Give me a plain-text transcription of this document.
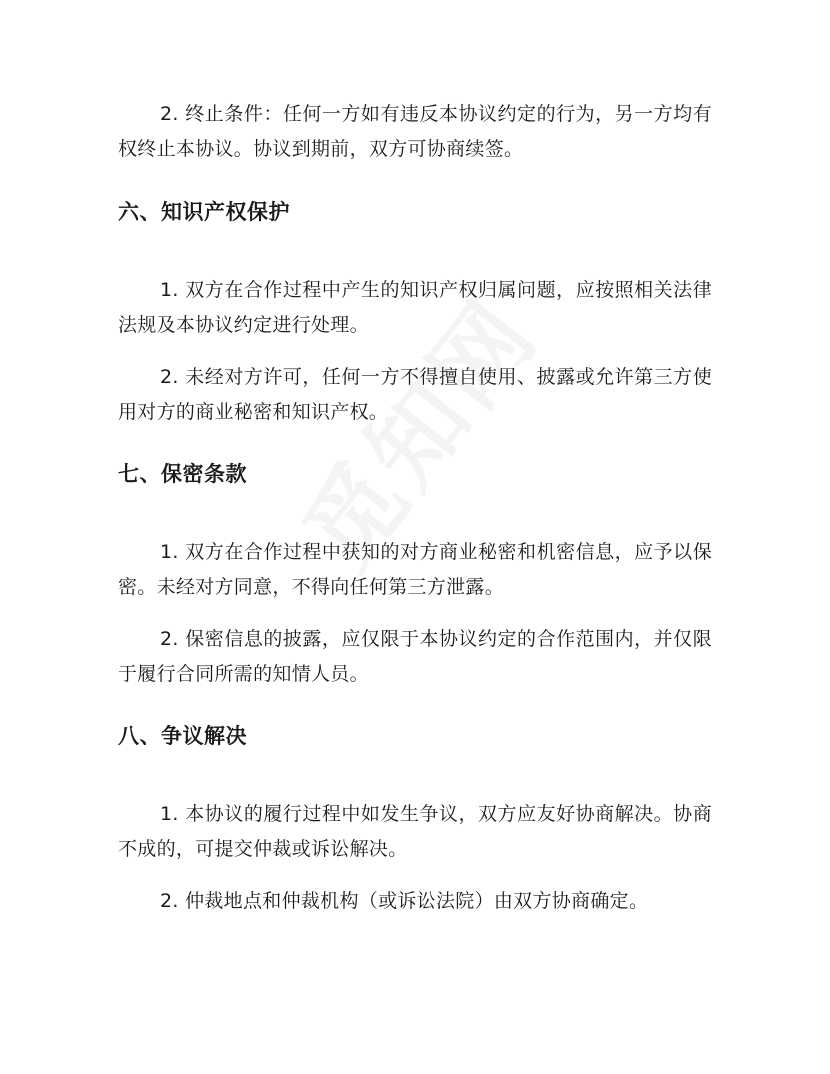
2. 终止条件：任何一方如有违反本协议约定的行为，另一方均有权终止本协议。协议到期前，双方可协商续签。

六、知识产权保护

1. 双方在合作过程中产生的知识产权归属问题，应按照相关法律法规及本协议约定进行处理。

2. 未经对方许可，任何一方不得擅自使用、披露或允许第三方使用对方的商业秘密和知识产权。

七、保密条款

1. 双方在合作过程中获知的对方商业秘密和机密信息，应予以保密。未经对方同意，不得向任何第三方泄露。

2. 保密信息的披露，应仅限于本协议约定的合作范围内，并仅限于履行合同所需的知情人员。

八、争议解决

1. 本协议的履行过程中如发生争议，双方应友好协商解决。协商不成的，可提交仲裁或诉讼解决。

2. 仲裁地点和仲裁机构（或诉讼法院）由双方协商确定。
